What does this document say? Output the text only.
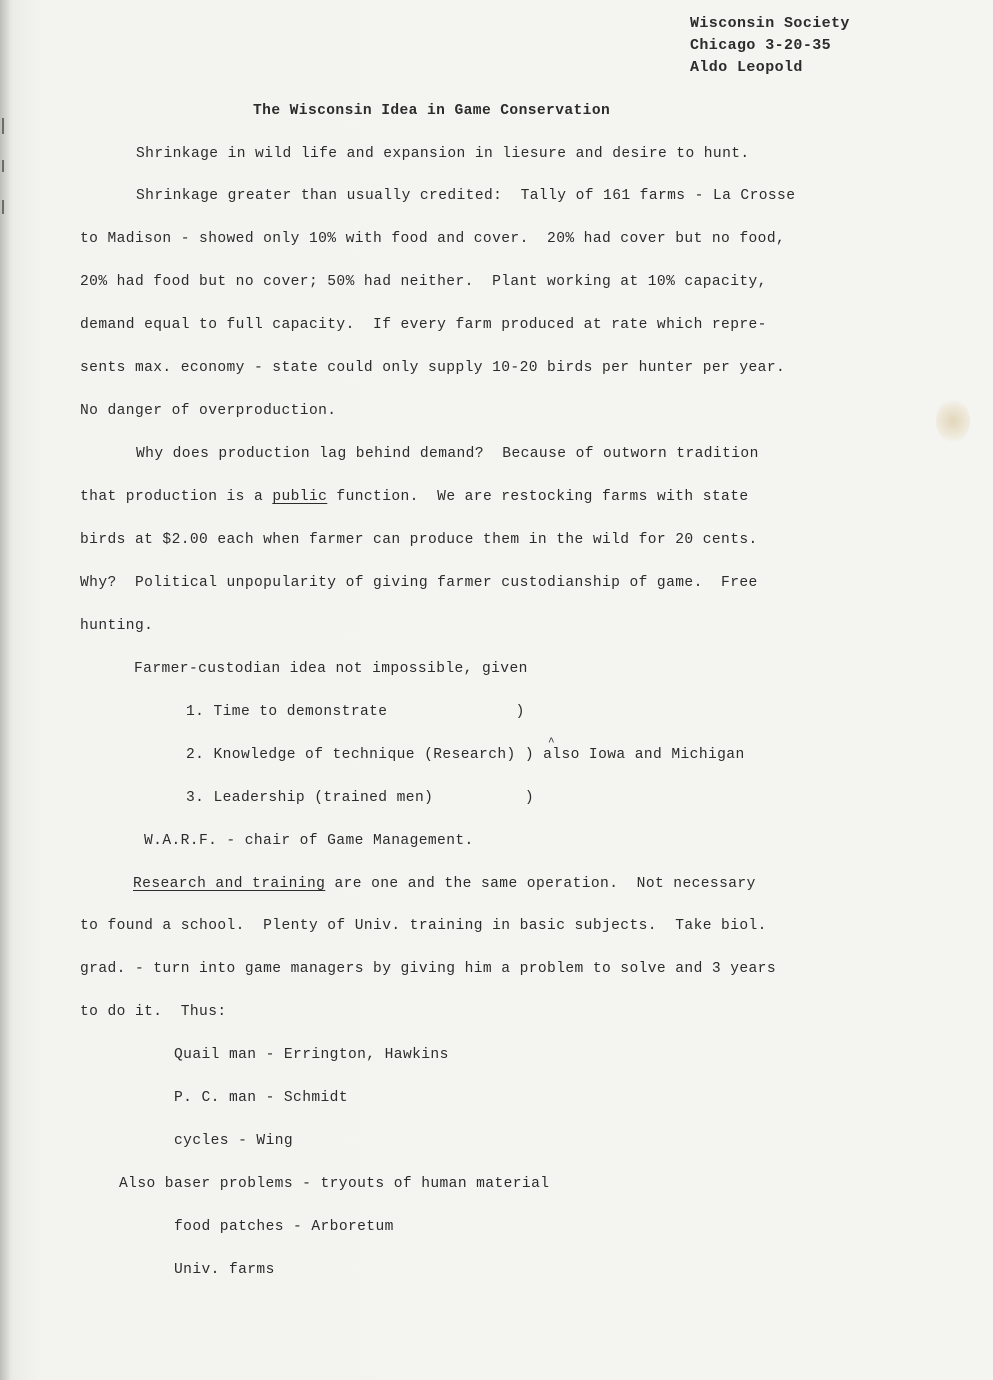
Wisconsin Society
Chicago 3-20-35
Aldo Leopold
The Wisconsin Idea in Game Conservation
Shrinkage in wild life and expansion in liesure and desire to hunt.
Shrinkage greater than usually credited:  Tally of 161 farms - La Crosse
to Madison - showed only 10% with food and cover.  20% had cover but no food,
20% had food but no cover; 50% had neither.  Plant working at 10% capacity,
demand equal to full capacity.  If every farm produced at rate which repre-
sents max. economy - state could only supply 10-20 birds per hunter per year.
No danger of overproduction.
Why does production lag behind demand?  Because of outworn tradition
that production is a public function.  We are restocking farms with state
birds at $2.00 each when farmer can produce them in the wild for 20 cents.
Why?  Political unpopularity of giving farmer custodianship of game.  Free
hunting.
Farmer-custodian idea not impossible, given
1. Time to demonstrate              )
^
2. Knowledge of technique (Research) ) also Iowa and Michigan
3. Leadership (trained men)          )
W.A.R.F. - chair of Game Management.
Research and training are one and the same operation.  Not necessary
to found a school.  Plenty of Univ. training in basic subjects.  Take biol.
grad. - turn into game managers by giving him a problem to solve and 3 years
to do it.  Thus:
Quail man - Errington, Hawkins
P. C. man - Schmidt
cycles - Wing
Also baser problems - tryouts of human material
food patches - Arboretum
Univ. farms
